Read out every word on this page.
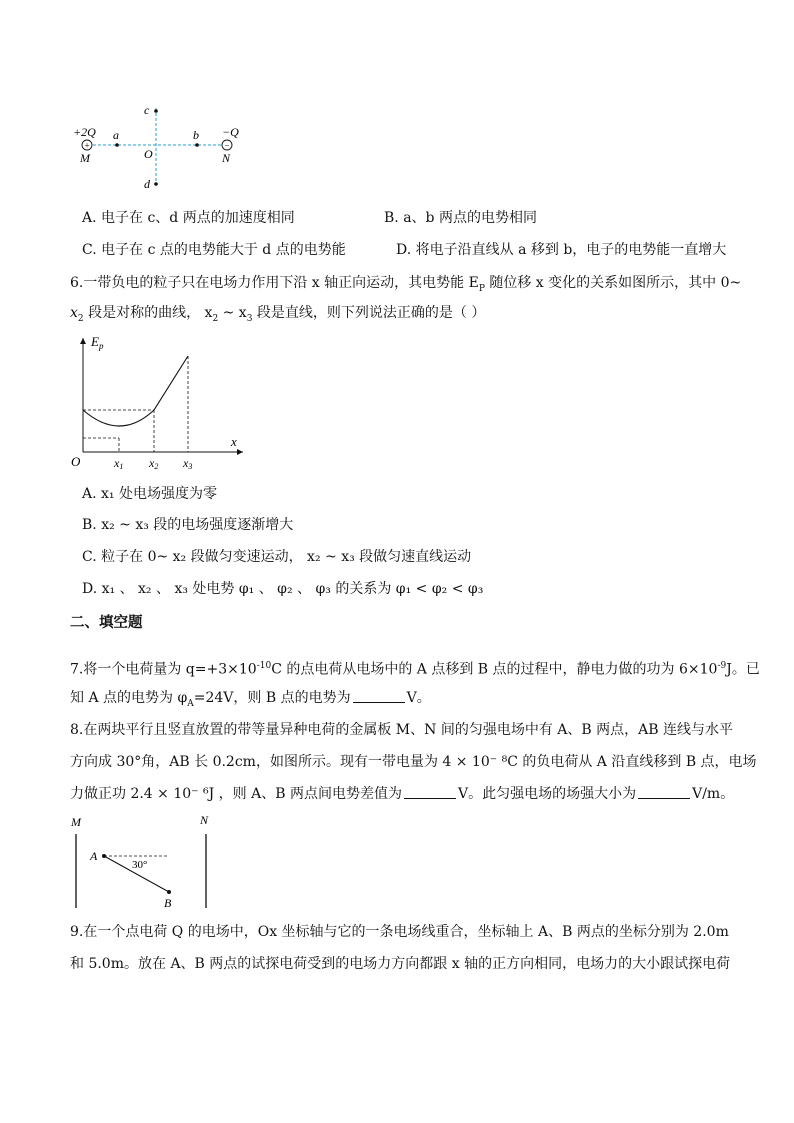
+	−
+2Q	−Q
M	N
a	b
O
c
d
A. 电子在 c、d 两点的加速度相同	B. a、b 两点的电势相同
C. 电子在 c 点的电势能大于 d 点的电势能	D. 将电子沿直线从 a 移到 b，电子的电势能一直增大
6.一带负电的粒子只在电场力作用下沿 x 轴正向运动，其电势能 $E_P$ 随位移 x 变化的关系如图所示，其中 0~
$x_2$ 段是对称的曲线， $x_2$ ~ $x_3$ 段是直线，则下列说法正确的是（ ）
$E_p$
x
O	x1 x2 x3
A. x₁ 处电场强度为零
B. x₂ ~ x₃ 段的电场强度逐渐增大
C. 粒子在 0~ x₂ 段做匀变速运动， x₂ ~ x₃ 段做匀速直线运动
D. x₁ 、 x₂ 、 x₃ 处电势 φ₁ 、 φ₂ 、 φ₃ 的关系为 φ₁ < φ₂ < φ₃
二、填空题
7.将一个电荷量为 $q=+3\times 10^{-10}C$ 的点电荷从电场中的 A 点移到 B 点的过程中，静电力做的功为 $6\times 10^{-9}J$。已
知 A 点的电势为 $\varphi_A=24V$，则 B 点的电势为	V。
8.在两块平行且竖直放置的带等量异种电荷的金属板 M、N 间的匀强电场中有 A、B 两点，AB 连线与水平
方向成 30°角，AB 长 0.2cm，如图所示。现有一带电量为 4 × 10⁻ ⁸C 的负电荷从 A 沿直线移到 B 点，电场
力做正功 2.4 × 10⁻ ⁶J ，则 A、B 两点间电势差值为	V。此匀强电场的场强大小为	V/m。
M	N
A
B
30°
9.在一个点电荷 Q 的电场中，Ox 坐标轴与它的一条电场线重合，坐标轴上 A、B 两点的坐标分别为 2.0m
和 5.0m。放在 A、B 两点的试探电荷受到的电场力方向都跟 x 轴的正方向相同，电场力的大小跟试探电荷
